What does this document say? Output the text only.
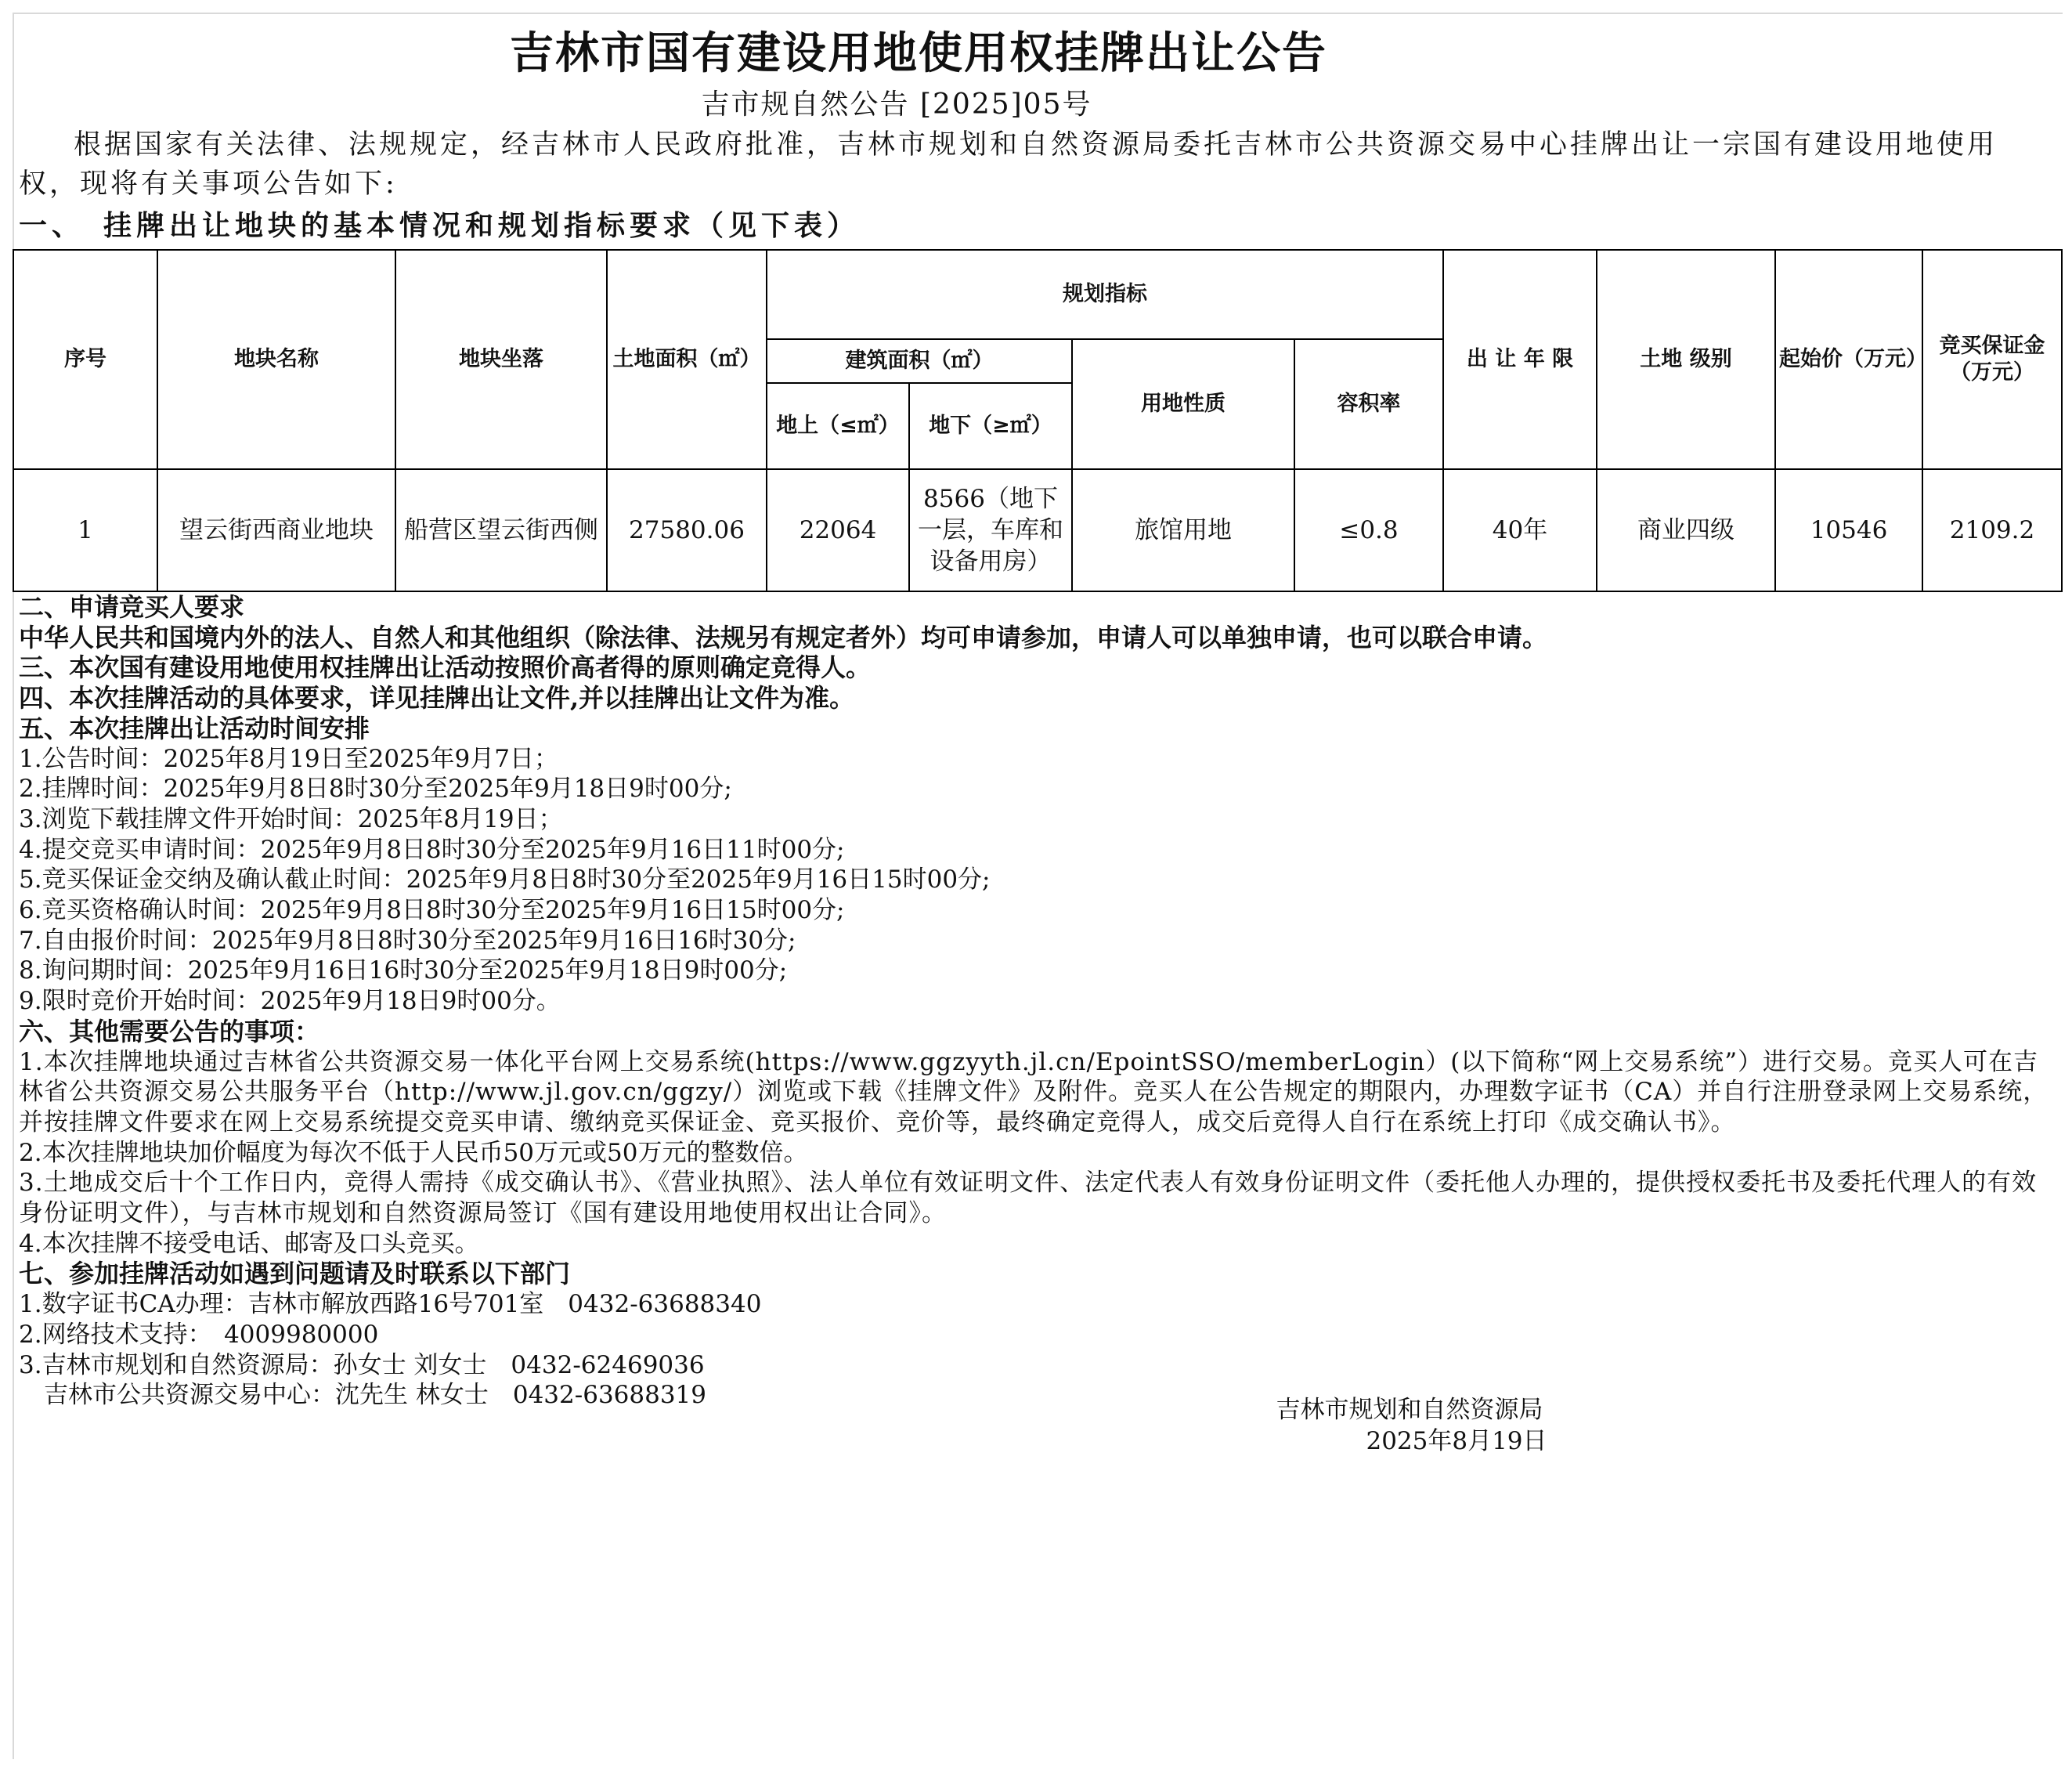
吉林市国有建设用地使用权挂牌出让公告
吉市规自然公告 [2025]05号
根据国家有关法律、法规规定，经吉林市人民政府批准，吉林市规划和自然资源局委托吉林市公共资源交易中心挂牌出让一宗国有建设用地使用权，现将有关事项公告如下:
一、　挂牌出让地块的基本情况和规划指标要求（见下表）
序号	地块名称	地块坐落	土地面积（㎡）	规划指标				出 让 年 限	土地 级别	起始价（万元）	竞买保证金（万元）
				建筑面积（㎡）		用地性质	容积率				
				地上（≤㎡）	地下（≥㎡）						
1	望云街西商业地块	船营区望云街西侧	27580.06	22064	8566（地下一层，车库和设备用房）	旅馆用地	≤0.8	40年	商业四级	10546	2109.2
二、申请竞买人要求
中华人民共和国境内外的法人、自然人和其他组织（除法律、法规另有规定者外）均可申请参加，申请人可以单独申请，也可以联合申请。
三、本次国有建设用地使用权挂牌出让活动按照价高者得的原则确定竞得人。
四、本次挂牌活动的具体要求，详见挂牌出让文件,并以挂牌出让文件为准。
五、本次挂牌出让活动时间安排
1.公告时间：2025年8月19日至2025年9月7日；
2.挂牌时间：2025年9月8日8时30分至2025年9月18日9时00分;
3.浏览下载挂牌文件开始时间：2025年8月19日；
4.提交竞买申请时间：2025年9月8日8时30分至2025年9月16日11时00分;
5.竞买保证金交纳及确认截止时间：2025年9月8日8时30分至2025年9月16日15时00分;
6.竞买资格确认时间：2025年9月8日8时30分至2025年9月16日15时00分;
7.自由报价时间：2025年9月8日8时30分至2025年9月16日16时30分;
8.询问期时间：2025年9月16日16时30分至2025年9月18日9时00分;
9.限时竞价开始时间：2025年9月18日9时00分。
六、其他需要公告的事项：
1.本次挂牌地块通过吉林省公共资源交易一体化平台网上交易系统(https://www.ggzyyth.jl.cn/EpointSSO/memberLogin）(以下简称“网上交易系统”）进行交易。竞买人可在吉林省公共资源交易公共服务平台（http://www.jl.gov.cn/ggzy/）浏览或下载《挂牌文件》及附件。竞买人在公告规定的期限内，办理数字证书（CA）并自行注册登录网上交易系统，并按挂牌文件要求在网上交易系统提交竞买申请、缴纳竞买保证金、竞买报价、竞价等，最终确定竞得人，成交后竞得人自行在系统上打印《成交确认书》。
2.本次挂牌地块加价幅度为每次不低于人民币50万元或50万元的整数倍。
3.土地成交后十个工作日内，竞得人需持《成交确认书》、《营业执照》、法人单位有效证明文件、法定代表人有效身份证明文件（委托他人办理的，提供授权委托书及委托代理人的有效身份证明文件），与吉林市规划和自然资源局签订《国有建设用地使用权出让合同》。
4.本次挂牌不接受电话、邮寄及口头竞买。
七、参加挂牌活动如遇到问题请及时联系以下部门
1.数字证书CA办理：吉林市解放西路16号701室　0432-63688340
2.网络技术支持：　4009980000
3.吉林市规划和自然资源局：孙女士 刘女士　0432-62469036
吉林市公共资源交易中心：沈先生 林女士　0432-63688319
吉林市规划和自然资源局
2025年8月19日
